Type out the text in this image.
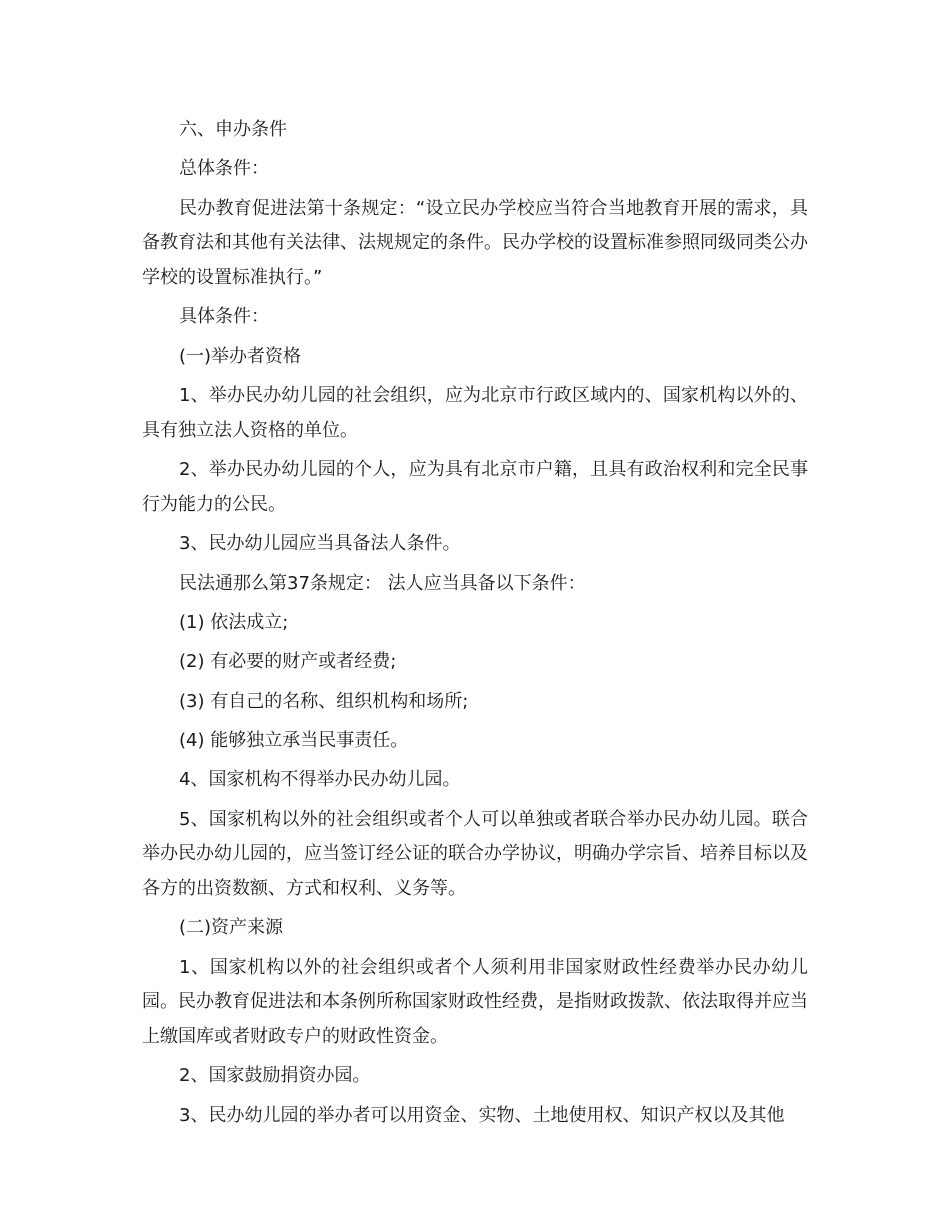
六、申办条件

总体条件：

民办教育促进法第十条规定：“设立民办学校应当符合当地教育开展的需求，具备教育法和其他有关法律、法规规定的条件。民办学校的设置标准参照同级同类公办学校的设置标准执行。”

具体条件：

(一)举办者资格

1、举办民办幼儿园的社会组织，应为北京市行政区域内的、国家机构以外的、具有独立法人资格的单位。

2、举办民办幼儿园的个人，应为具有北京市户籍，且具有政治权利和完全民事行为能力的公民。

3、民办幼儿园应当具备法人条件。

民法通那么第37条规定： 法人应当具备以下条件：

(1) 依法成立;

(2) 有必要的财产或者经费;

(3) 有自己的名称、组织机构和场所;

(4) 能够独立承当民事责任。

4、国家机构不得举办民办幼儿园。

5、国家机构以外的社会组织或者个人可以单独或者联合举办民办幼儿园。联合举办民办幼儿园的，应当签订经公证的联合办学协议，明确办学宗旨、培养目标以及各方的出资数额、方式和权利、义务等。

(二)资产来源

1、国家机构以外的社会组织或者个人须利用非国家财政性经费举办民办幼儿园。民办教育促进法和本条例所称国家财政性经费，是指财政拨款、依法取得并应当上缴国库或者财政专户的财政性资金。

2、国家鼓励捐资办园。

3、民办幼儿园的举办者可以用资金、实物、土地使用权、知识产权以及其他
